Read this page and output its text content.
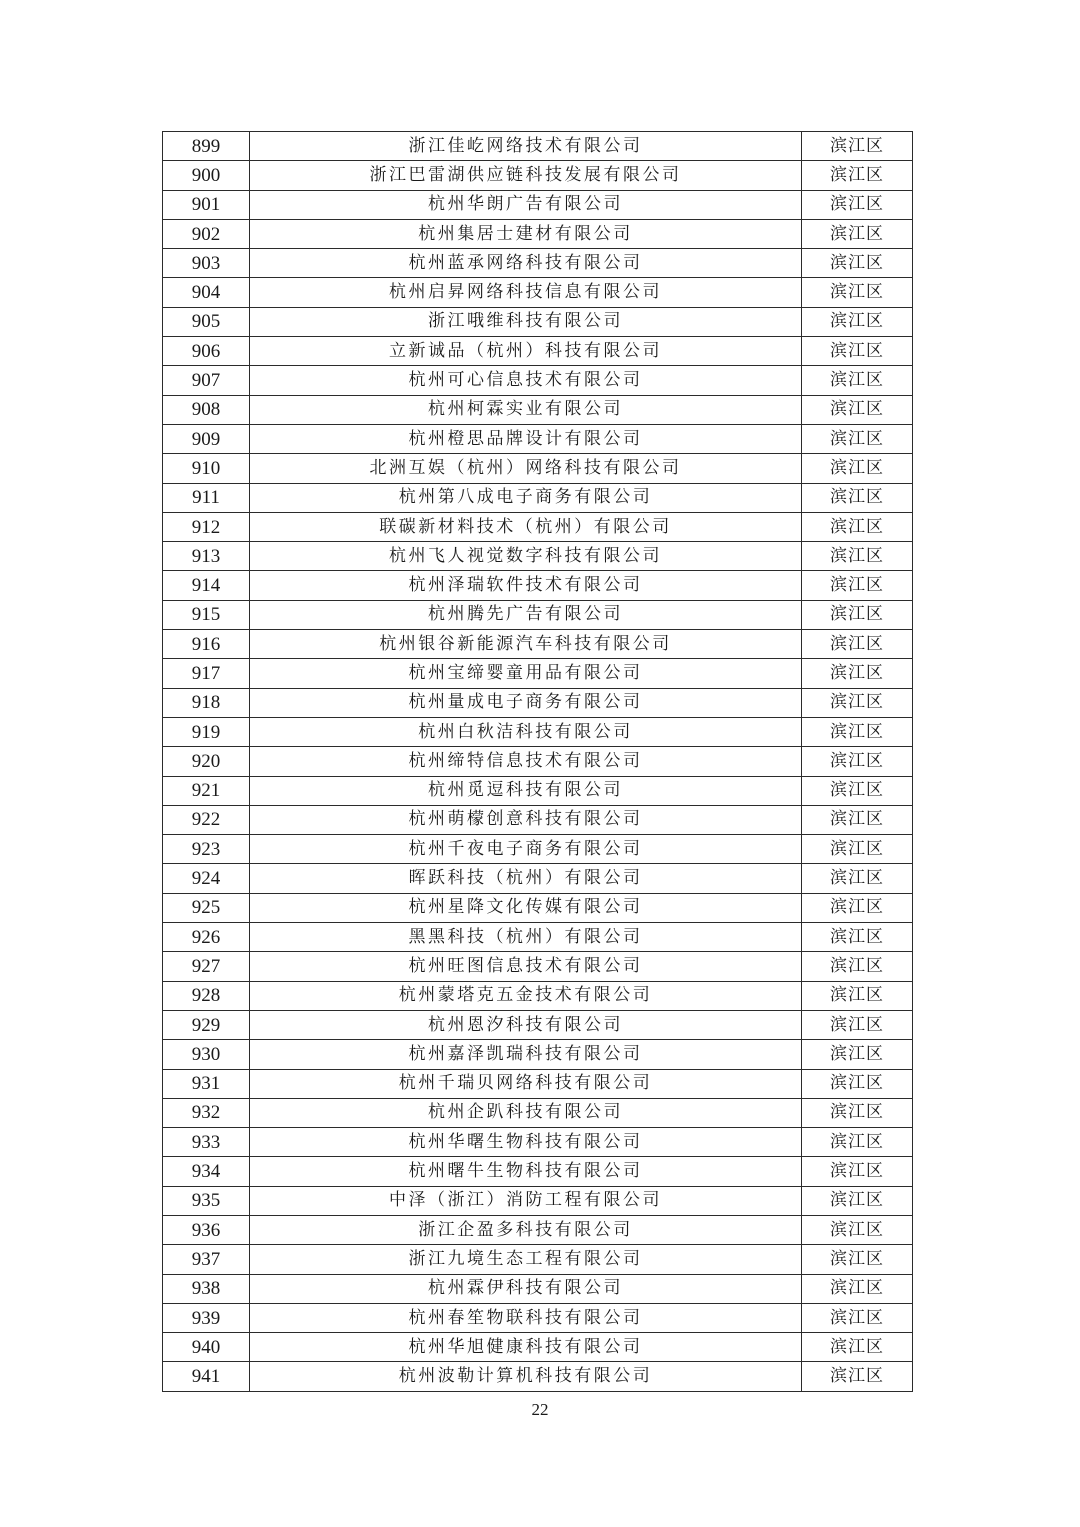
899	浙江佳屹网络技术有限公司	滨江区
900	浙江巴雷湖供应链科技发展有限公司	滨江区
901	杭州华朗广告有限公司	滨江区
902	杭州集居士建材有限公司	滨江区
903	杭州蓝承网络科技有限公司	滨江区
904	杭州启昇网络科技信息有限公司	滨江区
905	浙江哦维科技有限公司	滨江区
906	立新诚品（杭州）科技有限公司	滨江区
907	杭州可心信息技术有限公司	滨江区
908	杭州柯霖实业有限公司	滨江区
909	杭州橙思品牌设计有限公司	滨江区
910	北洲互娱（杭州）网络科技有限公司	滨江区
911	杭州第八成电子商务有限公司	滨江区
912	联碳新材料技术（杭州）有限公司	滨江区
913	杭州飞人视觉数字科技有限公司	滨江区
914	杭州泽瑞软件技术有限公司	滨江区
915	杭州腾先广告有限公司	滨江区
916	杭州银谷新能源汽车科技有限公司	滨江区
917	杭州宝缔婴童用品有限公司	滨江区
918	杭州量成电子商务有限公司	滨江区
919	杭州白秋洁科技有限公司	滨江区
920	杭州缔特信息技术有限公司	滨江区
921	杭州觅逗科技有限公司	滨江区
922	杭州萌檬创意科技有限公司	滨江区
923	杭州千夜电子商务有限公司	滨江区
924	晖跃科技（杭州）有限公司	滨江区
925	杭州星降文化传媒有限公司	滨江区
926	黑黑科技（杭州）有限公司	滨江区
927	杭州旺图信息技术有限公司	滨江区
928	杭州蒙塔克五金技术有限公司	滨江区
929	杭州恩汐科技有限公司	滨江区
930	杭州嘉泽凯瑞科技有限公司	滨江区
931	杭州千瑞贝网络科技有限公司	滨江区
932	杭州企趴科技有限公司	滨江区
933	杭州华曙生物科技有限公司	滨江区
934	杭州曙牛生物科技有限公司	滨江区
935	中泽（浙江）消防工程有限公司	滨江区
936	浙江企盈多科技有限公司	滨江区
937	浙江九境生态工程有限公司	滨江区
938	杭州霖伊科技有限公司	滨江区
939	杭州春笙物联科技有限公司	滨江区
940	杭州华旭健康科技有限公司	滨江区
941	杭州波勒计算机科技有限公司	滨江区
22
